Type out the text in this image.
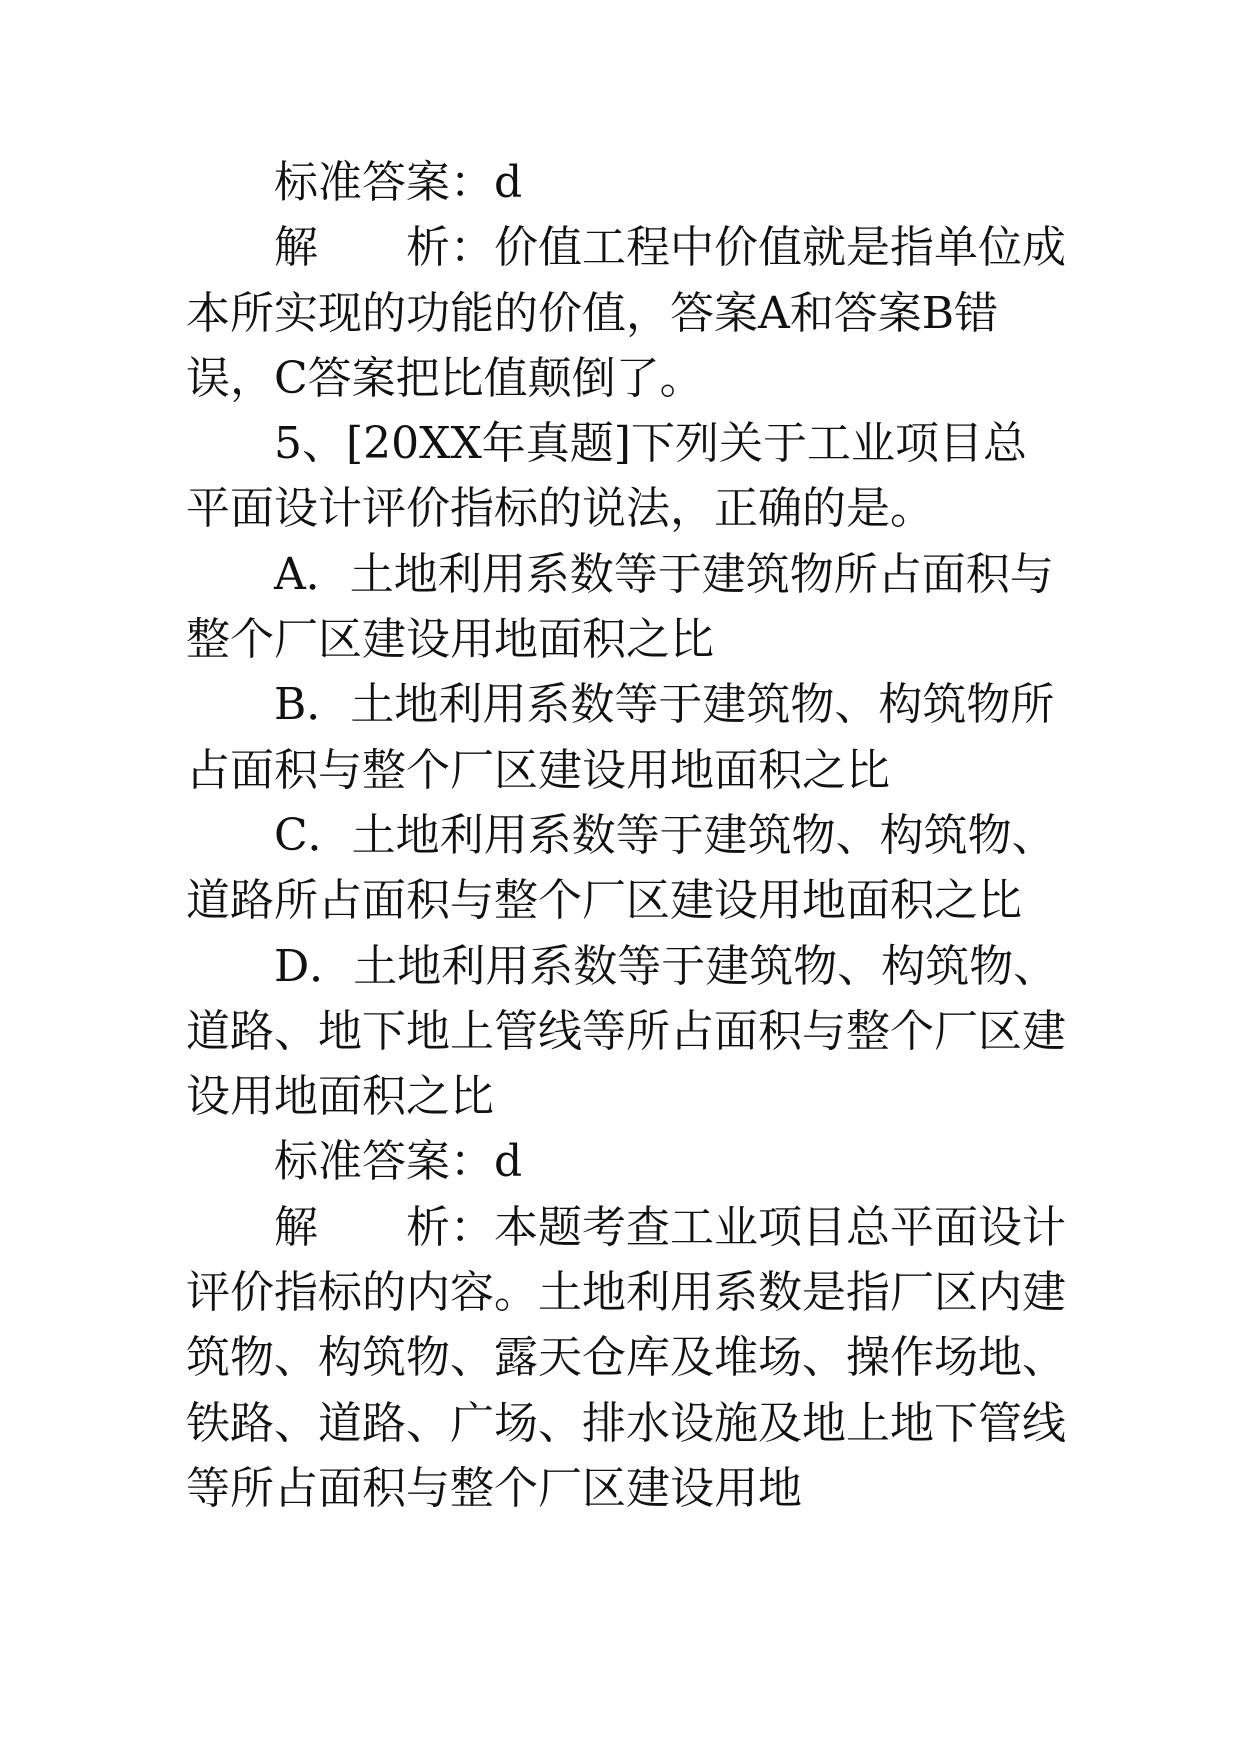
标准答案：d

解 析：价值工程中价值就是指单位成本所实现的功能的价值，答案A和答案B错误，C答案把比值颠倒了。

5、[20XX年真题]下列关于工业项目总平面设计评价指标的说法，正确的是。

A．土地利用系数等于建筑物所占面积与整个厂区建设用地面积之比

B．土地利用系数等于建筑物、构筑物所占面积与整个厂区建设用地面积之比

C．土地利用系数等于建筑物、构筑物、道路所占面积与整个厂区建设用地面积之比

D．土地利用系数等于建筑物、构筑物、道路、地下地上管线等所占面积与整个厂区建设用地面积之比

标准答案：d

解 析：本题考查工业项目总平面设计评价指标的内容。土地利用系数是指厂区内建筑物、构筑物、露天仓库及堆场、操作场地、铁路、道路、广场、排水设施及地上地下管线等所占面积与整个厂区建设用地
